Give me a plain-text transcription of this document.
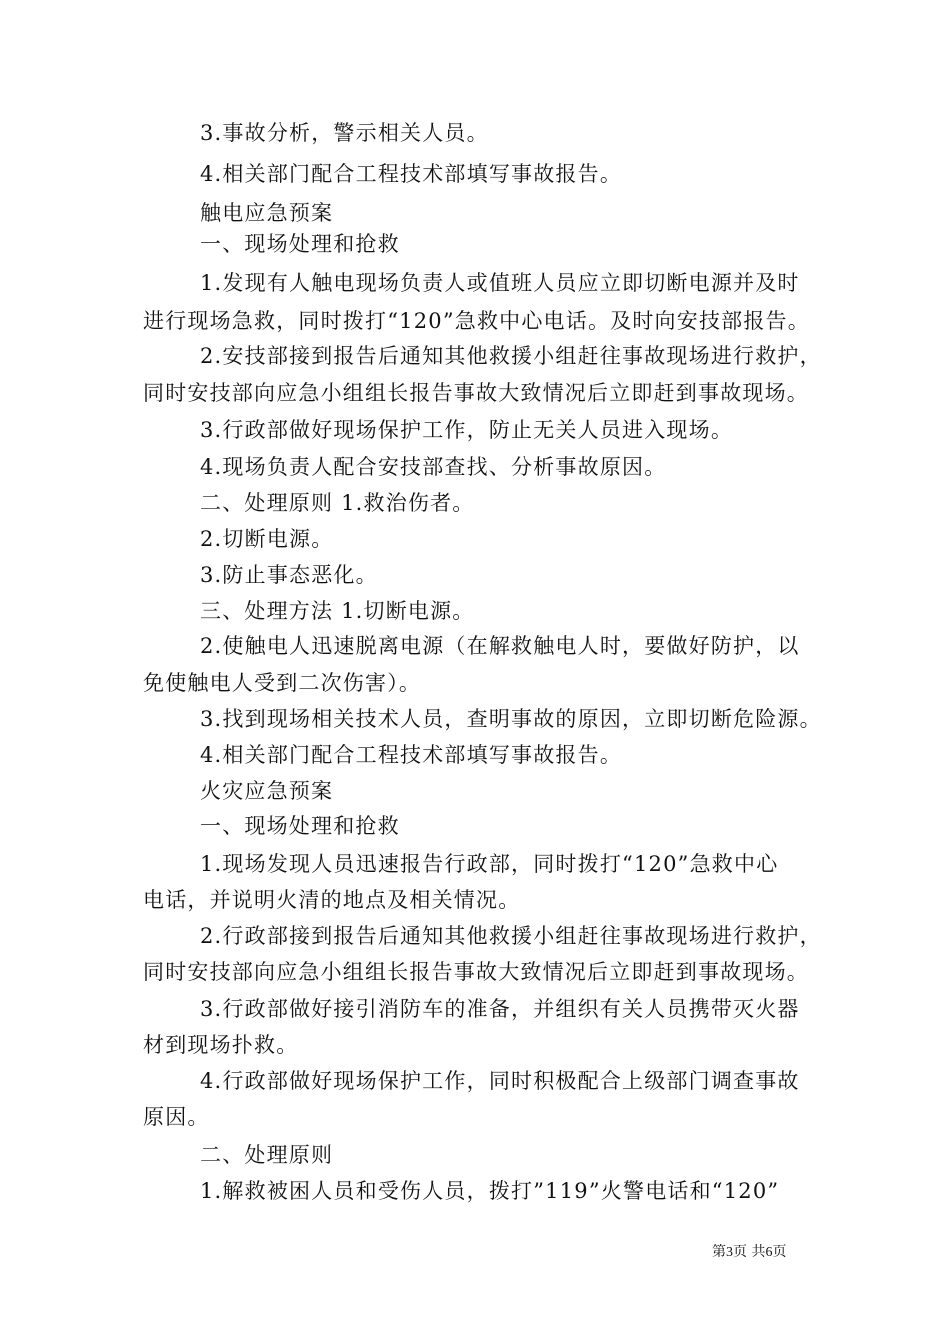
3.事故分析，警示相关人员。
4.相关部门配合工程技术部填写事故报告。
触电应急预案
一、现场处理和抢救
1.发现有人触电现场负责人或值班人员应立即切断电源并及时
进行现场急救，同时拨打“120”急救中心电话。及时向安技部报告。
2.安技部接到报告后通知其他救援小组赶往事故现场进行救护，
同时安技部向应急小组组长报告事故大致情况后立即赶到事故现场。
3.行政部做好现场保护工作，防止无关人员进入现场。
4.现场负责人配合安技部查找、分析事故原因。
二、处理原则 1.救治伤者。
2.切断电源。
3.防止事态恶化。
三、处理方法 1.切断电源。
2.使触电人迅速脱离电源（在解救触电人时，要做好防护，以
免使触电人受到二次伤害）。
3.找到现场相关技术人员，查明事故的原因，立即切断危险源。
4.相关部门配合工程技术部填写事故报告。
火灾应急预案
一、现场处理和抢救
1.现场发现人员迅速报告行政部，同时拨打“120”急救中心
电话，并说明火清的地点及相关情况。
2.行政部接到报告后通知其他救援小组赶往事故现场进行救护，
同时安技部向应急小组组长报告事故大致情况后立即赶到事故现场。
3.行政部做好接引消防车的准备，并组织有关人员携带灭火器
材到现场扑救。
4.行政部做好现场保护工作，同时积极配合上级部门调查事故
原因。
二、处理原则
1.解救被困人员和受伤人员，拨打”119”火警电话和“120”
第3页 共6页
